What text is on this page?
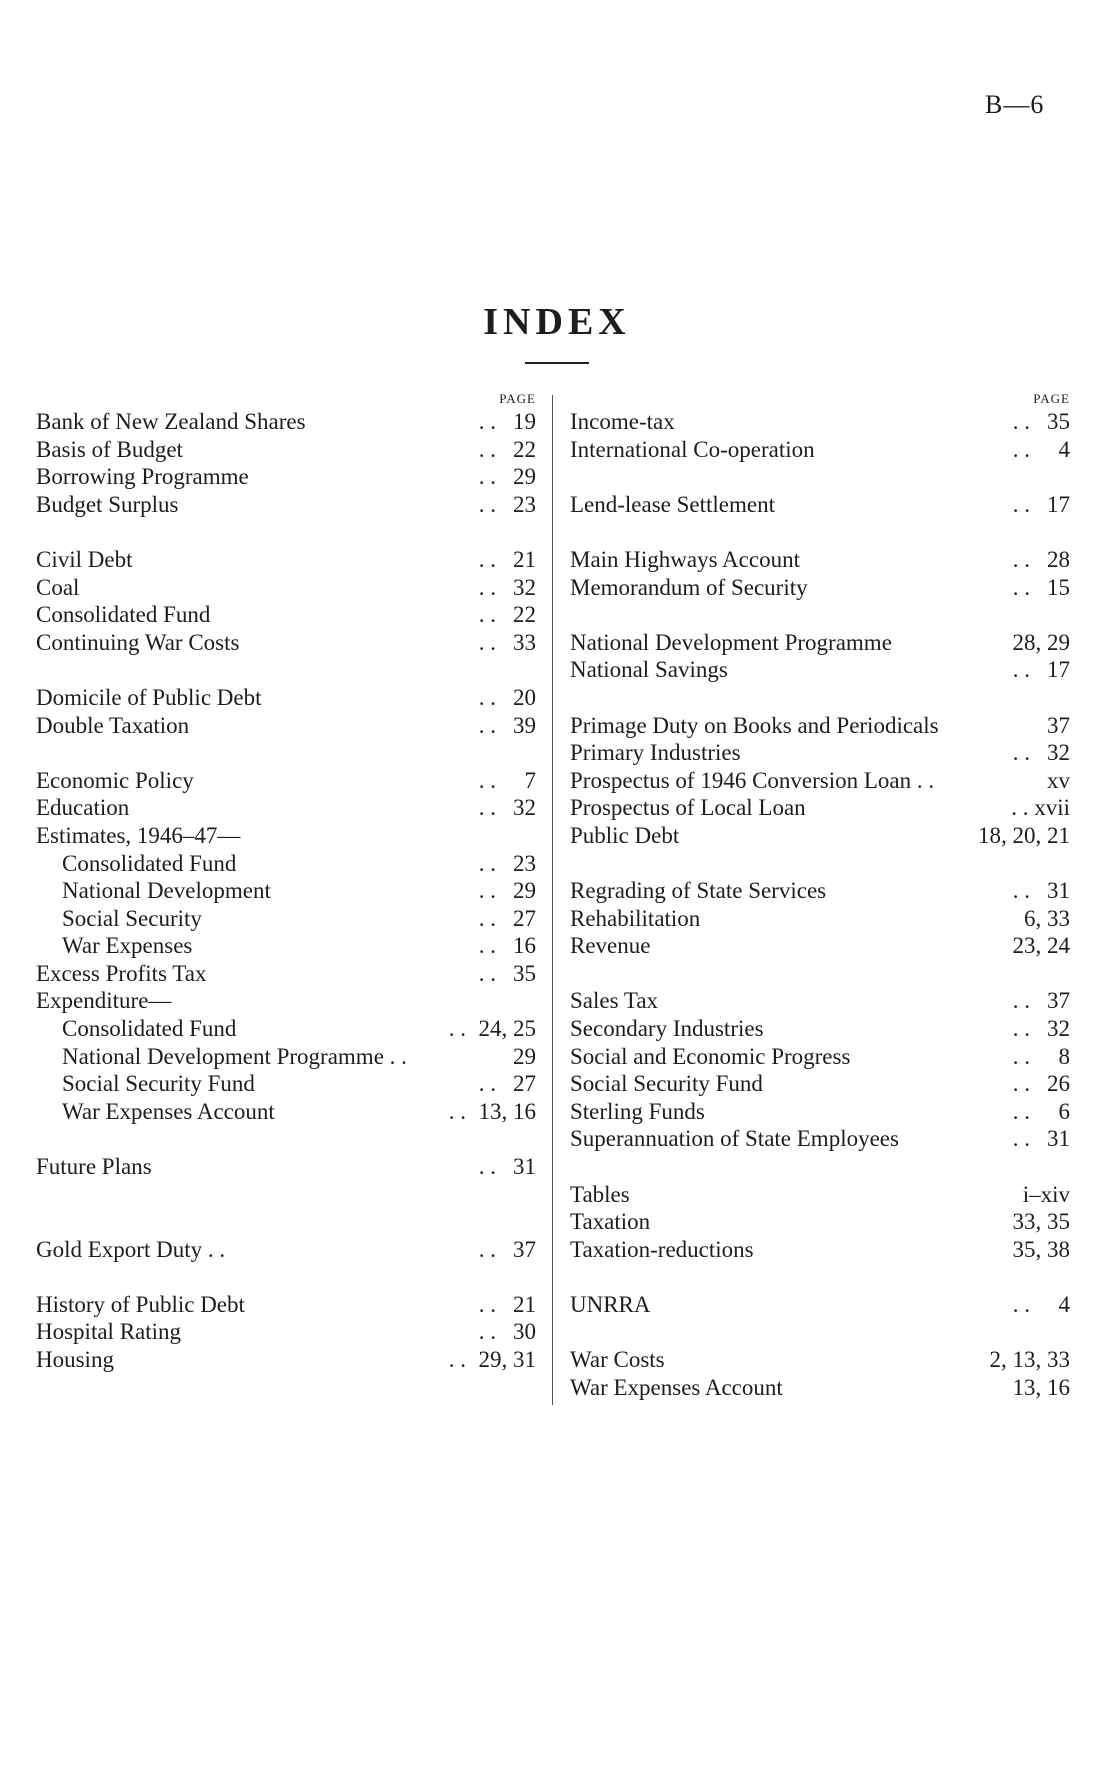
B—6
INDEX
PAGE
Bank of New Zealand Shares	. . 19
Basis of Budget	. . 22
Borrowing Programme	. . 29
Budget Surplus	. . 23
Civil Debt	. . 21
Coal	. . 32
Consolidated Fund	. . 22
Continuing War Costs	. . 33
Domicile of Public Debt	. . 20
Double Taxation	. . 39
Economic Policy	. . 7
Education	. . 32
Estimates, 1946–47—
Consolidated Fund	. . 23
National Development	. . 29
Social Security	. . 27
War Expenses	. . 16
Excess Profits Tax	. . 35
Expenditure—
Consolidated Fund	. . 24, 25
National Development Programme . .	29
Social Security Fund	. . 27
War Expenses Account	. . 13, 16
Future Plans	. . 31
Gold Export Duty . .	. . 37
History of Public Debt	. . 21
Hospital Rating	. . 30
Housing	. . 29, 31
PAGE
Income-tax	. . 35
International Co-operation	. . 4
Lend-lease Settlement	. . 17
Main Highways Account	. . 28
Memorandum of Security	. . 15
National Development Programme	28, 29
National Savings	. . 17
Primage Duty on Books and Periodicals	37
Primary Industries	. . 32
Prospectus of 1946 Conversion Loan . .	xv
Prospectus of Local Loan	. . xvii
Public Debt	18, 20, 21
Regrading of State Services	. . 31
Rehabilitation	6, 33
Revenue	23, 24
Sales Tax	. . 37
Secondary Industries	. . 32
Social and Economic Progress	. . 8
Social Security Fund	. . 26
Sterling Funds	. . 6
Superannuation of State Employees	. . 31
Tables	i–xiv
Taxation	33, 35
Taxation-reductions	35, 38
UNRRA	. . 4
War Costs	2, 13, 33
War Expenses Account	13, 16
